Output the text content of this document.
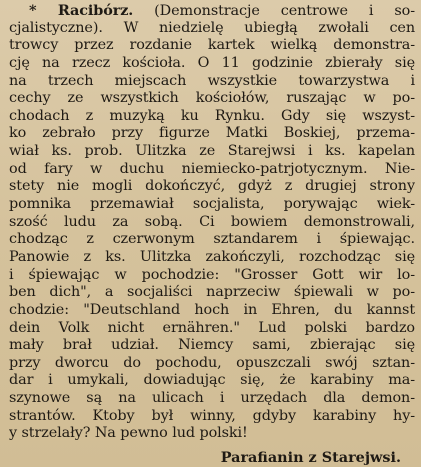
* Racibórz. (Demonstracje centrowe i so-
cjalistyczne). W niedzielę ubiegłą zwołali cen
trowcy przez rozdanie kartek wielką demonstra-
cję na rzecz kościoła. O 11 godzinie zbierały się
na trzech miejscach wszystkie towarzystwa i
cechy ze wszystkich kościołów, ruszając w po-
chodach z muzyką ku Rynku. Gdy się wszyst-
ko zebrało przy figurze Matki Boskiej, przema-
wiał ks. prob. Ulitzka ze Starejwsi i ks. kapelan
od fary w duchu niemiecko-patrjotycznym. Nie-
stety nie mogli dokończyć, gdyż z drugiej strony
pomnika przemawiał socjalista, porywając wiek-
szość ludu za sobą. Ci bowiem demonstrowali,
chodząc z czerwonym sztandarem i śpiewając.
Panowie z ks. Ulitzka zakończyli, rozchodząc się
i śpiewając w pochodzie: "Grosser Gott wir lo-
ben dich", a socjaliści naprzeciw śpiewali w po-
chodzie: "Deutschland hoch in Ehren, du kannst
dein Volk nicht ernähren." Lud polski bardzo
mały brał udział. Niemcy sami, zbierając się
przy dworcu do pochodu, opuszczali swój sztan-
dar i umykali, dowiadując się, że karabiny ma-
szynowe są na ulicach i urzędach dla demon-
strantów. Ktoby był winny, gdyby karabiny hy-
y strzelały? Na pewno lud polski!
Parafianin z Starejwsi.
